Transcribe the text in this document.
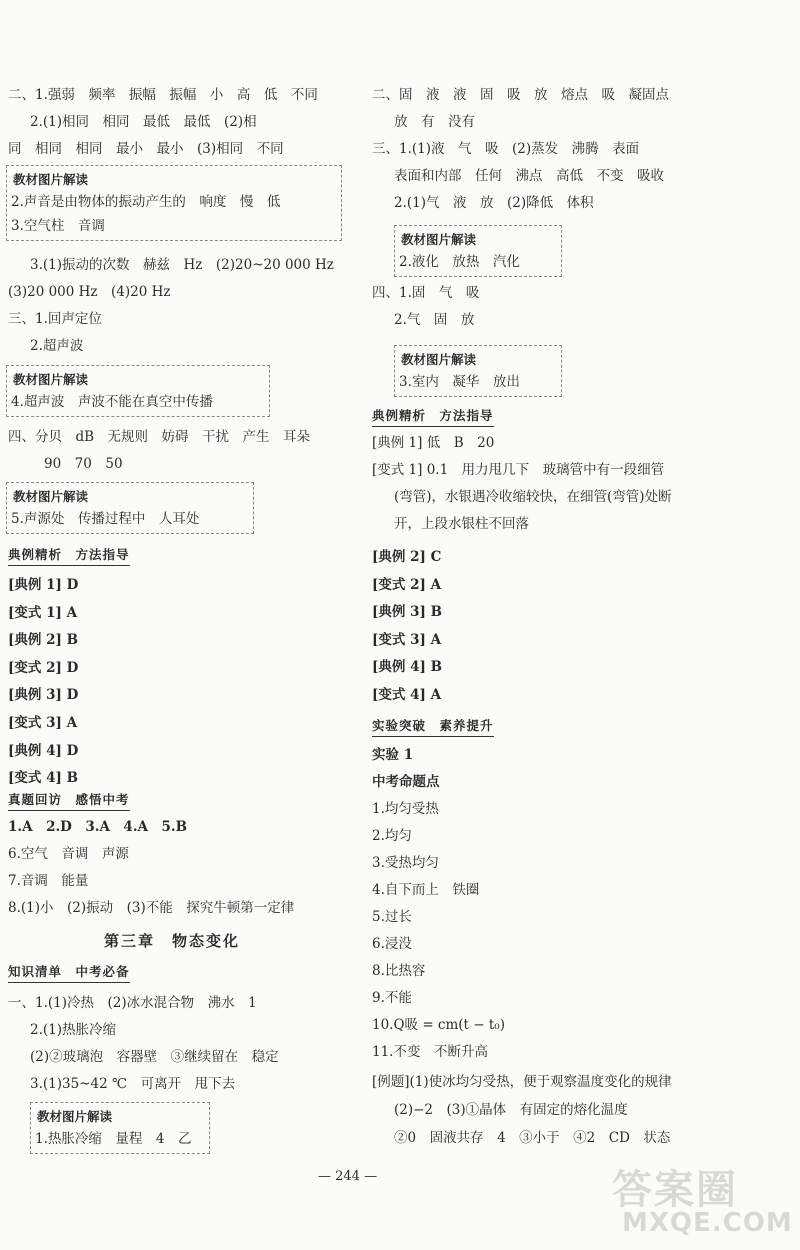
二、1.强弱　频率　振幅　振幅　小　高　低　不同
2.(1)相同　相同　最低　最低　(2)相
同　相同　相同　最小　最小　(3)相同　不同
教材图片解读
2.声音是由物体的振动产生的　响度　慢　低
3.空气柱　音调
3.(1)振动的次数　赫兹　Hz　(2)20~20 000 Hz
(3)20 000 Hz　(4)20 Hz
三、1.回声定位
2.超声波
教材图片解读
4.超声波　声波不能在真空中传播
四、分贝　dB　无规则　妨碍　干扰　产生　耳朵
90　70　50
教材图片解读
5.声源处　传播过程中　人耳处
典例精析　方法指导
[典例 1] D
[变式 1] A
[典例 2] B
[变式 2] D
[典例 3] D
[变式 3] A
[典例 4] D
[变式 4] B
真题回访　感悟中考
1.A　2.D　3.A　4.A　5.B
6.空气　音调　声源
7.音调　能量
8.(1)小　(2)振动　(3)不能　探究牛顿第一定律
第三章　物态变化
知识清单　中考必备
一、1.(1)冷热　(2)冰水混合物　沸水　1
2.(1)热胀冷缩
(2)②玻璃泡　容器壁　③继续留在　稳定
3.(1)35~42 ℃　可离开　甩下去
教材图片解读
1.热胀冷缩　量程　4　乙
二、固　液　液　固　吸　放　熔点　吸　凝固点
放　有　没有
三、1.(1)液　气　吸　(2)蒸发　沸腾　表面
表面和内部　任何　沸点　高低　不变　吸收
2.(1)气　液　放　(2)降低　体积
教材图片解读
2.液化　放热　汽化
四、1.固　气　吸
2.气　固　放
教材图片解读
3.室内　凝华　放出
典例精析　方法指导
[典例 1] 低　B　20
[变式 1] 0.1　用力甩几下　玻璃管中有一段细管
(弯管)，水银遇冷收缩较快，在细管(弯管)处断
开，上段水银柱不回落
[典例 2] C
[变式 2] A
[典例 3] B
[变式 3] A
[典例 4] B
[变式 4] A
实验突破　素养提升
实验 1
中考命题点
1.均匀受热
2.均匀
3.受热均匀
4.自下而上　铁圈
5.过长
6.浸没
8.比热容
9.不能
10.Q吸 = cm(t − t₀)
11.不变　不断升高
[例题](1)使冰均匀受热，便于观察温度变化的规律
(2)−2　(3)①晶体　有固定的熔化温度
②0　固液共存　4　③小于　④2　CD　状态
— 244 —	答案圈
MXQE.COM
